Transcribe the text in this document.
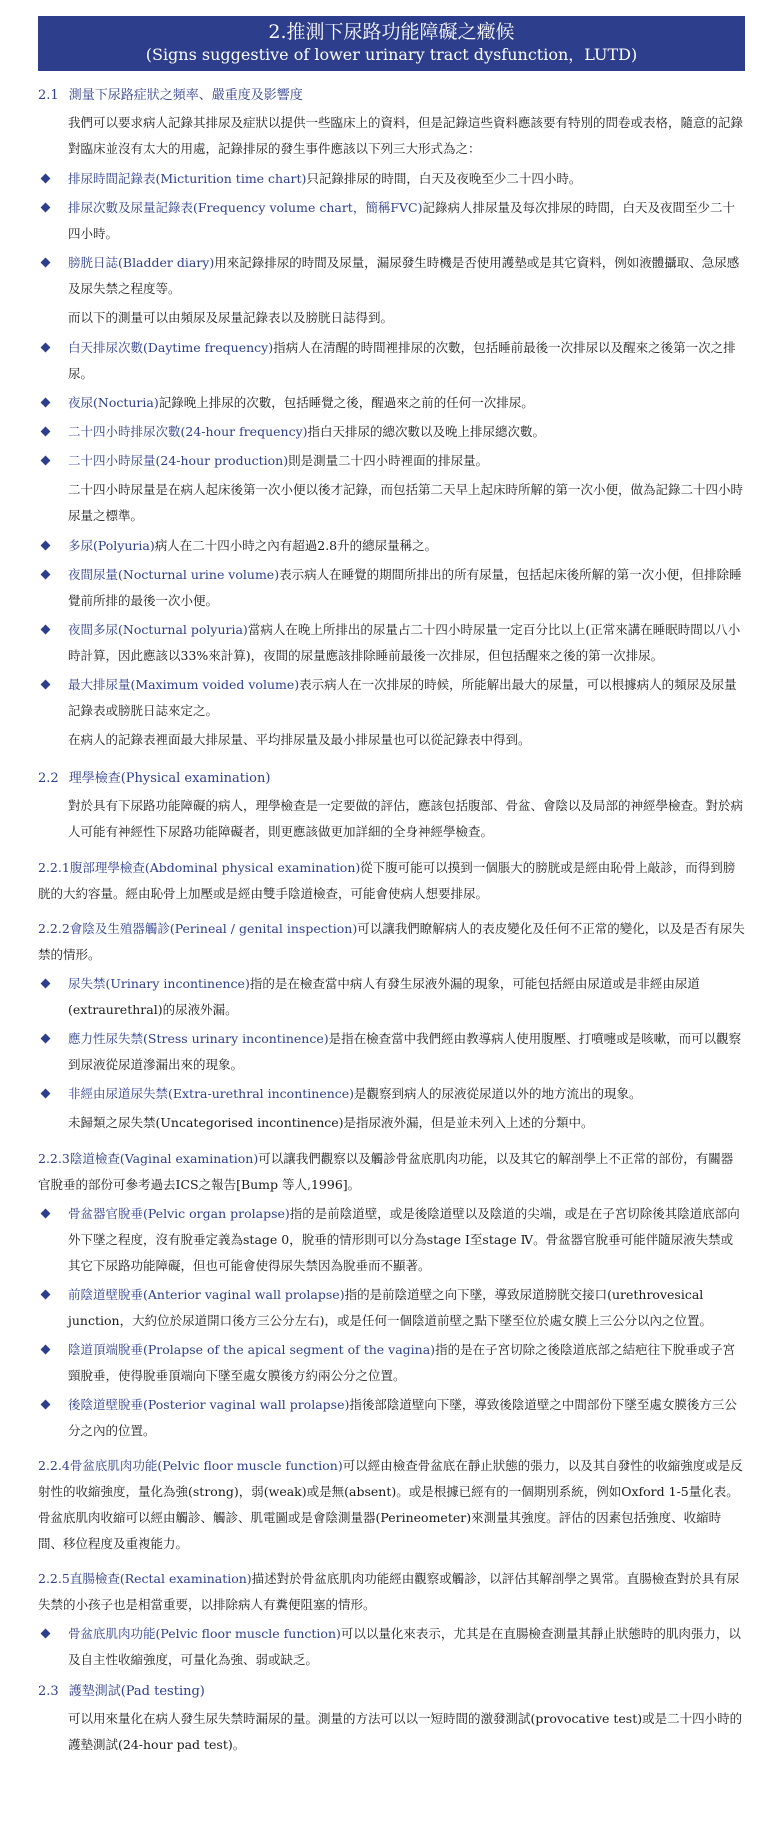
2.推測下尿路功能障礙之癥候
(Signs suggestive of lower urinary tract dysfunction，LUTD)
2.1 測量下尿路症狀之頻率、嚴重度及影響度
我們可以要求病人記錄其排尿及症狀以提供一些臨床上的資料，但是記錄這些資料應該要有特別的問卷或表格，隨意的記錄對臨床並沒有太大的用處，記錄排尿的發生事件應該以下列三大形式為之：
排尿時間記錄表(Micturition time chart)只記錄排尿的時間，白天及夜晚至少二十四小時。
排尿次數及尿量記錄表(Frequency volume chart，簡稱FVC)記錄病人排尿量及每次排尿的時間，白天及夜間至少二十四小時。
膀胱日誌(Bladder diary)用來記錄排尿的時間及尿量，漏尿發生時機是否使用護墊或是其它資料，例如液體攝取、急尿感及尿失禁之程度等。
而以下的測量可以由頻尿及尿量記錄表以及膀胱日誌得到。
白天排尿次數(Daytime frequency)指病人在清醒的時間裡排尿的次數，包括睡前最後一次排尿以及醒來之後第一次之排尿。
夜尿(Nocturia)記錄晚上排尿的次數，包括睡覺之後，醒過來之前的任何一次排尿。
二十四小時排尿次數(24-hour frequency)指白天排尿的總次數以及晚上排尿總次數。
二十四小時尿量(24-hour production)則是測量二十四小時裡面的排尿量。
二十四小時尿量是在病人起床後第一次小便以後才記錄，而包括第二天早上起床時所解的第一次小便，做為記錄二十四小時尿量之標準。
多尿(Polyuria)病人在二十四小時之內有超過2.8升的總尿量稱之。
夜間尿量(Nocturnal urine volume)表示病人在睡覺的期間所排出的所有尿量，包括起床後所解的第一次小便，但排除睡覺前所排的最後一次小便。
夜間多尿(Nocturnal polyuria)當病人在晚上所排出的尿量占二十四小時尿量一定百分比以上(正常來講在睡眠時間以八小時計算，因此應該以33%來計算)，夜間的尿量應該排除睡前最後一次排尿，但包括醒來之後的第一次排尿。
最大排尿量(Maximum voided volume)表示病人在一次排尿的時候，所能解出最大的尿量，可以根據病人的頻尿及尿量記錄表或膀胱日誌來定之。
在病人的記錄表裡面最大排尿量、平均排尿量及最小排尿量也可以從記錄表中得到。
2.2 理學檢查(Physical examination)
對於具有下尿路功能障礙的病人，理學檢查是一定要做的評估，應該包括腹部、骨盆、會陰以及局部的神經學檢查。對於病人可能有神經性下尿路功能障礙者，則更應該做更加詳細的全身神經學檢查。
2.2.1腹部理學檢查(Abdominal physical examination)從下腹可能可以摸到一個脹大的膀胱或是經由恥骨上敲診，而得到膀胱的大約容量。經由恥骨上加壓或是經由雙手陰道檢查，可能會使病人想要排尿。
2.2.2會陰及生殖器觸診(Perineal / genital inspection)可以讓我們瞭解病人的表皮變化及任何不正常的變化，以及是否有尿失禁的情形。
尿失禁(Urinary incontinence)指的是在檢查當中病人有發生尿液外漏的現象，可能包括經由尿道或是非經由尿道(extraurethral)的尿液外漏。
應力性尿失禁(Stress urinary incontinence)是指在檢查當中我們經由教導病人使用腹壓、打噴嚏或是咳嗽，而可以觀察到尿液從尿道滲漏出來的現象。
非經由尿道尿失禁(Extra-urethral incontinence)是觀察到病人的尿液從尿道以外的地方流出的現象。
未歸類之尿失禁(Uncategorised incontinence)是指尿液外漏，但是並未列入上述的分類中。
2.2.3陰道檢查(Vaginal examination)可以讓我們觀察以及觸診骨盆底肌肉功能，以及其它的解剖學上不正常的部份，有關器官脫垂的部份可參考過去ICS之報告[Bump 等人,1996]。
骨盆器官脫垂(Pelvic organ prolapse)指的是前陰道壁，或是後陰道壁以及陰道的尖端，或是在子宮切除後其陰道底部向外下墜之程度，沒有脫垂定義為stage 0，脫垂的情形則可以分為stage Ⅰ至stage Ⅳ。骨盆器官脫垂可能伴隨尿液失禁或其它下尿路功能障礙，但也可能會使得尿失禁因為脫垂而不顯著。
前陰道壁脫垂(Anterior vaginal wall prolapse)指的是前陰道壁之向下墜，導致尿道膀胱交接口(urethrovesical junction，大約位於尿道開口後方三公分左右)，或是任何一個陰道前壁之點下墜至位於處女膜上三公分以內之位置。
陰道頂端脫垂(Prolapse of the apical segment of the vagina)指的是在子宮切除之後陰道底部之結疤往下脫垂或子宮頸脫垂，使得脫垂頂端向下墜至處女膜後方約兩公分之位置。
後陰道壁脫垂(Posterior vaginal wall prolapse)指後部陰道壁向下墜，導致後陰道壁之中間部份下墜至處女膜後方三公分之內的位置。
2.2.4骨盆底肌肉功能(Pelvic floor muscle function)可以經由檢查骨盆底在靜止狀態的張力，以及其自發性的收縮強度或是反射性的收縮強度，量化為強(strong)，弱(weak)或是無(absent)。或是根據已經有的一個期別系統，例如Oxford 1-5量化表。骨盆底肌肉收縮可以經由觸診、觸診、肌電圖或是會陰測量器(Perineometer)來測量其強度。評估的因素包括強度、收縮時間、移位程度及重複能力。
2.2.5直腸檢查(Rectal examination)描述對於骨盆底肌肉功能經由觀察或觸診，以評估其解剖學之異常。直腸檢查對於具有尿失禁的小孩子也是相當重要，以排除病人有糞便阻塞的情形。
骨盆底肌肉功能(Pelvic floor muscle function)可以以量化來表示，尤其是在直腸檢查測量其靜止狀態時的肌肉張力，以及自主性收縮強度，可量化為強、弱或缺乏。
2.3 護墊測試(Pad testing)
可以用來量化在病人發生尿失禁時漏尿的量。測量的方法可以以一短時間的激發測試(provocative test)或是二十四小時的護墊測試(24-hour pad test)。
